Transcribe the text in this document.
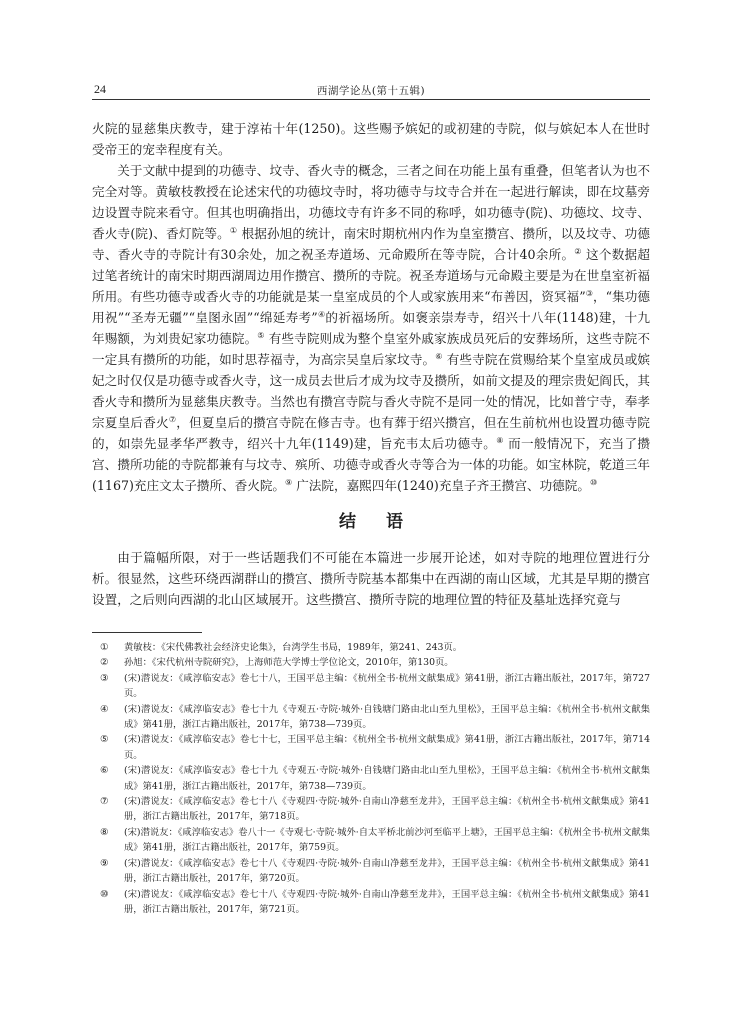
24	西湖学论丛(第十五辑)

火院的显慈集庆教寺，建于淳祐十年(1250)。这些赐予嫔妃的或初建的寺院，似与嫔妃本人在世时受帝王的宠幸程度有关。

关于文献中提到的功德寺、坟寺、香火寺的概念，三者之间在功能上虽有重叠，但笔者认为也不完全对等。黄敏枝教授在论述宋代的功德坟寺时，将功德寺与坟寺合并在一起进行解读，即在坟墓旁边设置寺院来看守。但其也明确指出，功德坟寺有许多不同的称呼，如功德寺(院)、功德坟、坟寺、香火寺(院)、香灯院等。① 根据孙旭的统计，南宋时期杭州内作为皇室攒宫、攒所，以及坟寺、功德寺、香火寺的寺院计有30余处，加之祝圣寿道场、元命殿所在等寺院，合计40余所。② 这个数据超过笔者统计的南宋时期西湖周边用作攒宫、攒所的寺院。祝圣寿道场与元命殿主要是为在世皇室祈福所用。有些功德寺或香火寺的功能就是某一皇室成员的个人或家族用来“布善因，资冥福”③，“集功德用祝”“圣寿无疆”“皇图永固”“绵延寿考”④的祈福场所。如褒亲崇寿寺，绍兴十八年(1148)建，十九年赐额，为刘贵妃家功德院。⑤ 有些寺院则成为整个皇室外戚家族成员死后的安葬场所，这些寺院不一定具有攒所的功能，如时思荐福寺，为高宗吴皇后家坟寺。⑥ 有些寺院在赏赐给某个皇室成员或嫔妃之时仅仅是功德寺或香火寺，这一成员去世后才成为坟寺及攒所，如前文提及的理宗贵妃阎氏，其香火寺和攒所为显慈集庆教寺。当然也有攒宫寺院与香火寺院不是同一处的情况，比如普宁寺，奉孝宗夏皇后香火⑦，但夏皇后的攒宫寺院在修吉寺。也有葬于绍兴攒宫，但在生前杭州也设置功德寺院的，如崇先显孝华严教寺，绍兴十九年(1149)建，旨充韦太后功德寺。⑧ 而一般情况下，充当了攒宫、攒所功能的寺院都兼有与坟寺、殡所、功德寺或香火寺等合为一体的功能。如宝林院，乾道三年(1167)充庄文太子攒所、香火院。⑨ 广法院，嘉熙四年(1240)充皇子齐王攒宫、功德院。⑩

结 语

由于篇幅所限，对于一些话题我们不可能在本篇进一步展开论述，如对寺院的地理位置进行分析。很显然，这些环绕西湖群山的攒宫、攒所寺院基本都集中在西湖的南山区域，尤其是早期的攒宫设置，之后则向西湖的北山区域展开。这些攒宫、攒所寺院的地理位置的特征及墓址选择究竟与

① 黄敏枝：《宋代佛教社会经济史论集》，台湾学生书局，1989年，第241、243页。
② 孙旭：《宋代杭州寺院研究》，上海师范大学博士学位论文，2010年，第130页。
③ (宋)潜说友：《咸淳临安志》卷七十八，王国平总主编：《杭州全书·杭州文献集成》第41册，浙江古籍出版社，2017年，第727页。
④ (宋)潜说友：《咸淳临安志》卷七十九《寺观五·寺院·城外·自钱塘门路由北山至九里松》，王国平总主编：《杭州全书·杭州文献集成》第41册，浙江古籍出版社，2017年，第738—739页。
⑤ (宋)潜说友：《咸淳临安志》卷七十七，王国平总主编：《杭州全书·杭州文献集成》第41册，浙江古籍出版社，2017年，第714页。
⑥ (宋)潜说友：《咸淳临安志》卷七十九《寺观五·寺院·城外·自钱塘门路由北山至九里松》，王国平总主编：《杭州全书·杭州文献集成》第41册，浙江古籍出版社，2017年，第738—739页。
⑦ (宋)潜说友：《咸淳临安志》卷七十八《寺观四·寺院·城外·自南山净慈至龙井》，王国平总主编：《杭州全书·杭州文献集成》第41册，浙江古籍出版社，2017年，第718页。
⑧ (宋)潜说友：《咸淳临安志》卷八十一《寺观七·寺院·城外·自太平桥北前沙河至临平上塘》，王国平总主编：《杭州全书·杭州文献集成》第41册，浙江古籍出版社，2017年，第759页。
⑨ (宋)潜说友：《咸淳临安志》卷七十八《寺观四·寺院·城外·自南山净慈至龙井》，王国平总主编：《杭州全书·杭州文献集成》第41册，浙江古籍出版社，2017年，第720页。
⑩ (宋)潜说友：《咸淳临安志》卷七十八《寺观四·寺院·城外·自南山净慈至龙井》，王国平总主编：《杭州全书·杭州文献集成》第41册，浙江古籍出版社，2017年，第721页。
